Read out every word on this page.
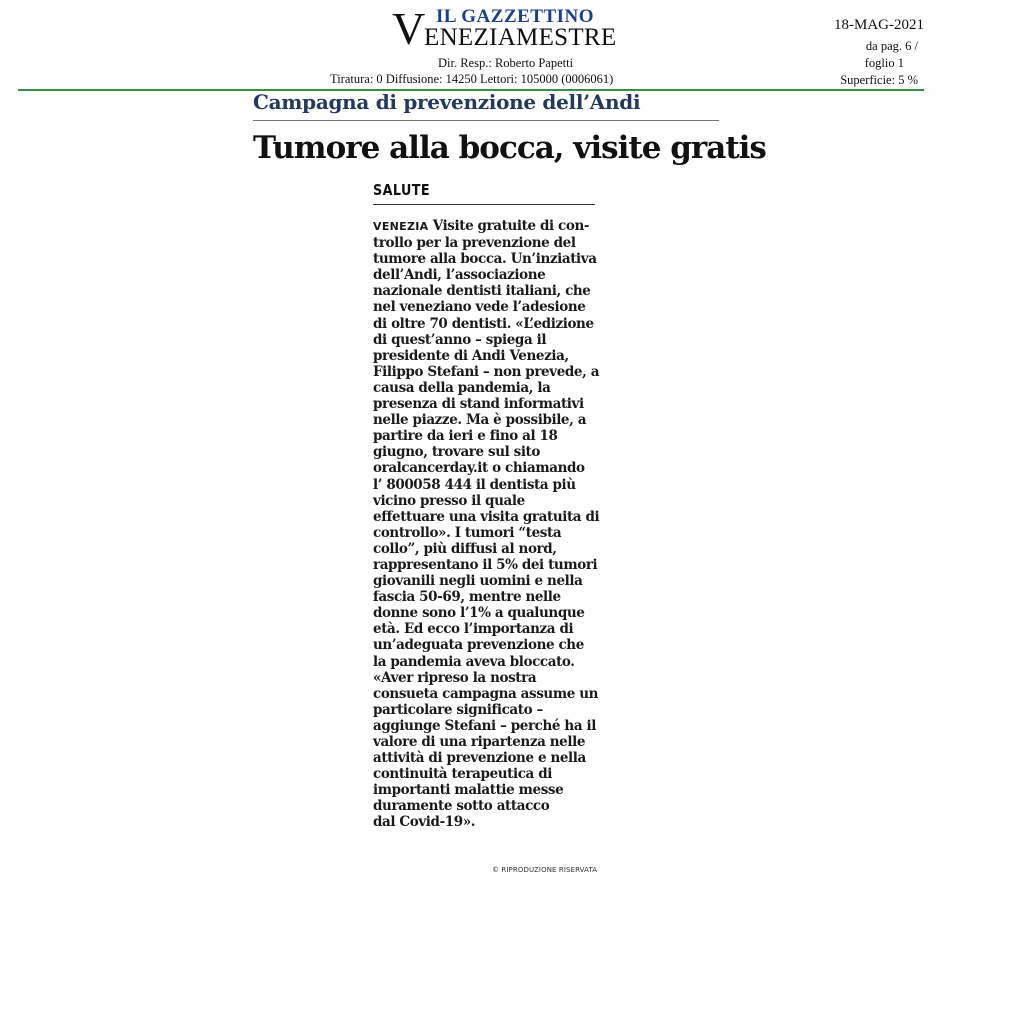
V IL GAZZETTINO
ENEZIAMESTRE
Dir. Resp.: Roberto Papetti
Tiratura: 0 Diffusione: 14250 Lettori: 105000 (0006061)
18-MAG-2021
da pag. 6 /
foglio 1
Superficie: 5 %
Campagna di prevenzione dell’Andi
Tumore alla bocca, visite gratis
SALUTE
VENEZIA Visite gratuite di con-
trollo per la prevenzione del
tumore alla bocca. Un’inziativa
dell’Andi, l’associazione
nazionale dentisti italiani, che
nel veneziano vede l’adesione
di oltre 70 dentisti. «L’edizione
di quest’anno – spiega il
presidente di Andi Venezia,
Filippo Stefani – non prevede, a
causa della pandemia, la
presenza di stand informativi
nelle piazze. Ma è possibile, a
partire da ieri e fino al 18
giugno, trovare sul sito
oralcancerday.it o chiamando
l’ 800058 444 il dentista più
vicino presso il quale
effettuare una visita gratuita di
controllo». I tumori “testa
collo”, più diffusi al nord,
rappresentano il 5% dei tumori
giovanili negli uomini e nella
fascia 50-69, mentre nelle
donne sono l’1% a qualunque
età. Ed ecco l’importanza di
un’adeguata prevenzione che
la pandemia aveva bloccato.
«Aver ripreso la nostra
consueta campagna assume un
particolare significato –
aggiunge Stefani – perché ha il
valore di una ripartenza nelle
attività di prevenzione e nella
continuità terapeutica di
importanti malattie messe
duramente sotto attacco
dal Covid-19».
© RIPRODUZIONE RISERVATA
